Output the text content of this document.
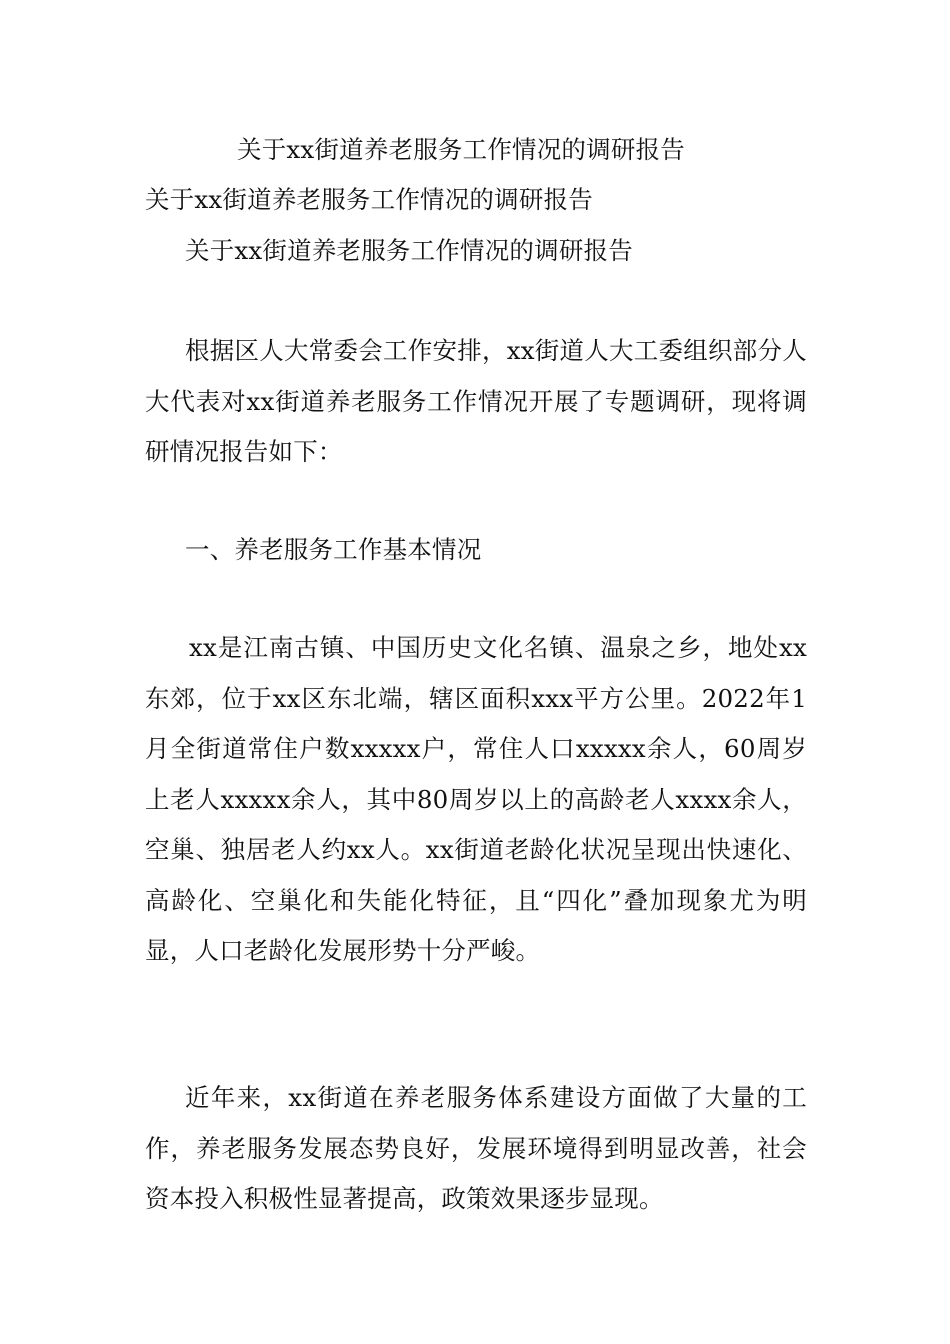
关于xx街道养老服务工作情况的调研报告
关于xx街道养老服务工作情况的调研报告
关于xx街道养老服务工作情况的调研报告
根据区人大常委会工作安排，xx街道人大工委组织部分人大代表对xx街道养老服务工作情况开展了专题调研，现将调研情况报告如下：
一、养老服务工作基本情况
xx是江南古镇、中国历史文化名镇、温泉之乡，地处xx东郊，位于xx区东北端，辖区面积xxx平方公里。2022年1月全街道常住户数xxxxx户，常住人口xxxxx余人，60周岁上老人xxxxx余人，其中80周岁以上的高龄老人xxxx余人，空巢、独居老人约xx人。xx街道老龄化状况呈现出快速化、高龄化、空巢化和失能化特征，且“四化”叠加现象尤为明显，人口老龄化发展形势十分严峻。
近年来，xx街道在养老服务体系建设方面做了大量的工作，养老服务发展态势良好，发展环境得到明显改善，社会资本投入积极性显著提高，政策效果逐步显现。
